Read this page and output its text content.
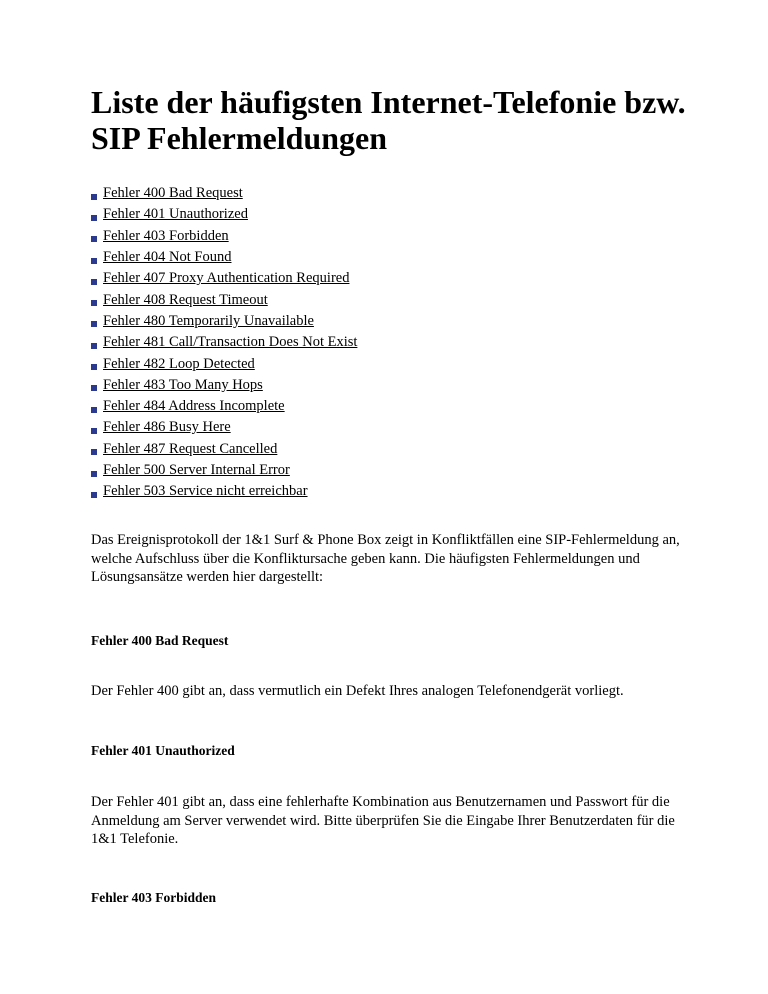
Liste der häufigsten Internet-Telefonie bzw. SIP Fehlermeldungen
Fehler 400 Bad Request
Fehler 401 Unauthorized
Fehler 403 Forbidden
Fehler 404 Not Found
Fehler 407 Proxy Authentication Required
Fehler 408 Request Timeout
Fehler 480 Temporarily Unavailable
Fehler 481 Call/Transaction Does Not Exist
Fehler 482 Loop Detected
Fehler 483 Too Many Hops
Fehler 484 Address Incomplete
Fehler 486 Busy Here
Fehler 487 Request Cancelled
Fehler 500 Server Internal Error
Fehler 503 Service nicht erreichbar

Das Ereignisprotokoll der 1&1 Surf & Phone Box zeigt in Konfliktfällen eine SIP-Fehlermeldung an, welche Aufschluss über die Konfliktursache geben kann. Die häufigsten Fehlermeldungen und Lösungsansätze werden hier dargestellt:

Fehler 400 Bad Request

Der Fehler 400 gibt an, dass vermutlich ein Defekt Ihres analogen Telefonendgerät vorliegt.

Fehler 401 Unauthorized

Der Fehler 401 gibt an, dass eine fehlerhafte Kombination aus Benutzernamen und Passwort für die Anmeldung am Server verwendet wird. Bitte überprüfen Sie die Eingabe Ihrer Benutzerdaten für die 1&1 Telefonie.

Fehler 403 Forbidden
